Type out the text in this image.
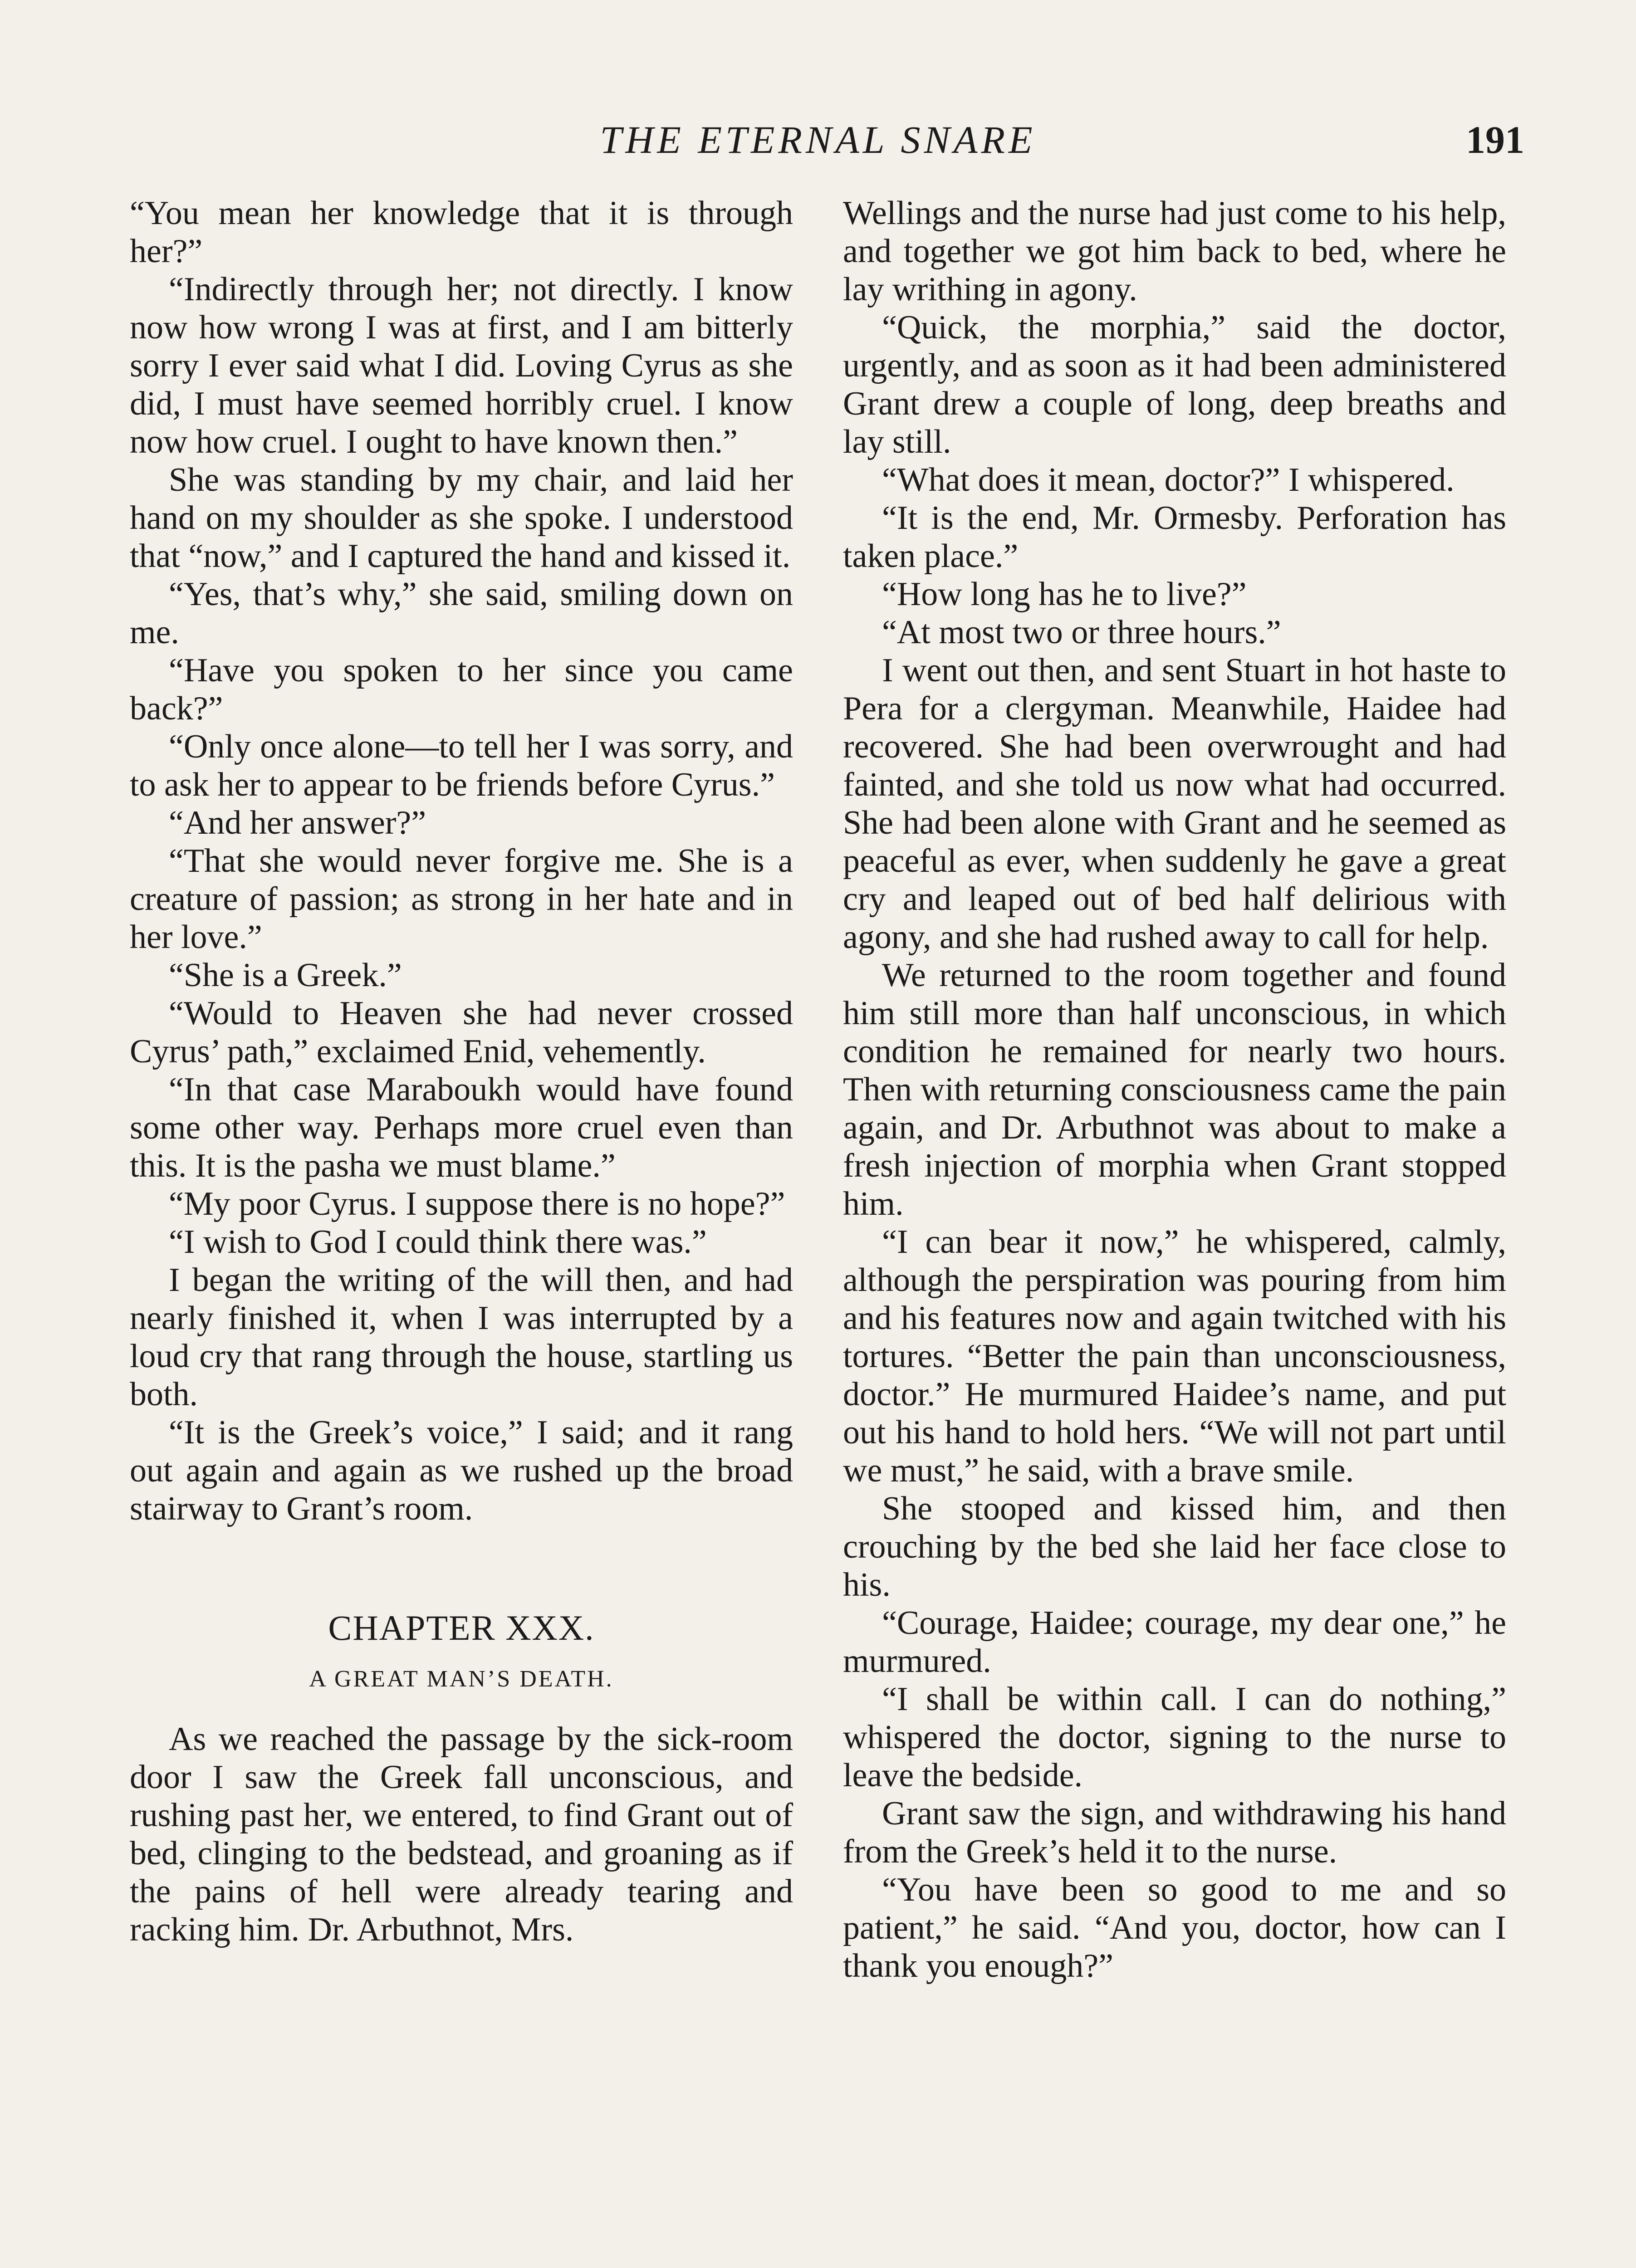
THE ETERNAL SNARE	191

“You mean her knowledge that it is through her?”

“Indirectly through her; not directly. I know now how wrong I was at first, and I am bitterly sorry I ever said what I did. Loving Cyrus as she did, I must have seemed horribly cruel. I know now how cruel. I ought to have known then.”

She was standing by my chair, and laid her hand on my shoulder as she spoke. I understood that “now,” and I captured the hand and kissed it.

“Yes, that’s why,” she said, smiling down on me.

“Have you spoken to her since you came back?”

“Only once alone—to tell her I was sorry, and to ask her to appear to be friends before Cyrus.”

“And her answer?”

“That she would never forgive me. She is a creature of passion; as strong in her hate and in her love.”

“She is a Greek.”

“Would to Heaven she had never crossed Cyrus’ path,” exclaimed Enid, vehemently.

“In that case Maraboukh would have found some other way. Perhaps more cruel even than this. It is the pasha we must blame.”

“My poor Cyrus. I suppose there is no hope?”

“I wish to God I could think there was.”

I began the writing of the will then, and had nearly finished it, when I was interrupted by a loud cry that rang through the house, startling us both.

“It is the Greek’s voice,” I said; and it rang out again and again as we rushed up the broad stairway to Grant’s room.

CHAPTER XXX.
A GREAT MAN’S DEATH.

As we reached the passage by the sick-room door I saw the Greek fall unconscious, and rushing past her, we entered, to find Grant out of bed, clinging to the bedstead, and groaning as if the pains of hell were already tearing and racking him. Dr. Arbuthnot, Mrs.

Wellings and the nurse had just come to his help, and together we got him back to bed, where he lay writhing in agony.

“Quick, the morphia,” said the doctor, urgently, and as soon as it had been administered Grant drew a couple of long, deep breaths and lay still.

“What does it mean, doctor?” I whispered.

“It is the end, Mr. Ormesby. Perforation has taken place.”

“How long has he to live?”

“At most two or three hours.”

I went out then, and sent Stuart in hot haste to Pera for a clergyman. Meanwhile, Haidee had recovered. She had been overwrought and had fainted, and she told us now what had occurred. She had been alone with Grant and he seemed as peaceful as ever, when suddenly he gave a great cry and leaped out of bed half delirious with agony, and she had rushed away to call for help.

We returned to the room together and found him still more than half unconscious, in which condition he remained for nearly two hours. Then with returning consciousness came the pain again, and Dr. Arbuthnot was about to make a fresh injection of morphia when Grant stopped him.

“I can bear it now,” he whispered, calmly, although the perspiration was pouring from him and his features now and again twitched with his tortures. “Better the pain than unconsciousness, doctor.” He murmured Haidee’s name, and put out his hand to hold hers. “We will not part until we must,” he said, with a brave smile.

She stooped and kissed him, and then crouching by the bed she laid her face close to his.

“Courage, Haidee; courage, my dear one,” he murmured.

“I shall be within call. I can do nothing,” whispered the doctor, signing to the nurse to leave the bedside.

Grant saw the sign, and withdrawing his hand from the Greek’s held it to the nurse.

“You have been so good to me and so patient,” he said. “And you, doctor, how can I thank you enough?”
